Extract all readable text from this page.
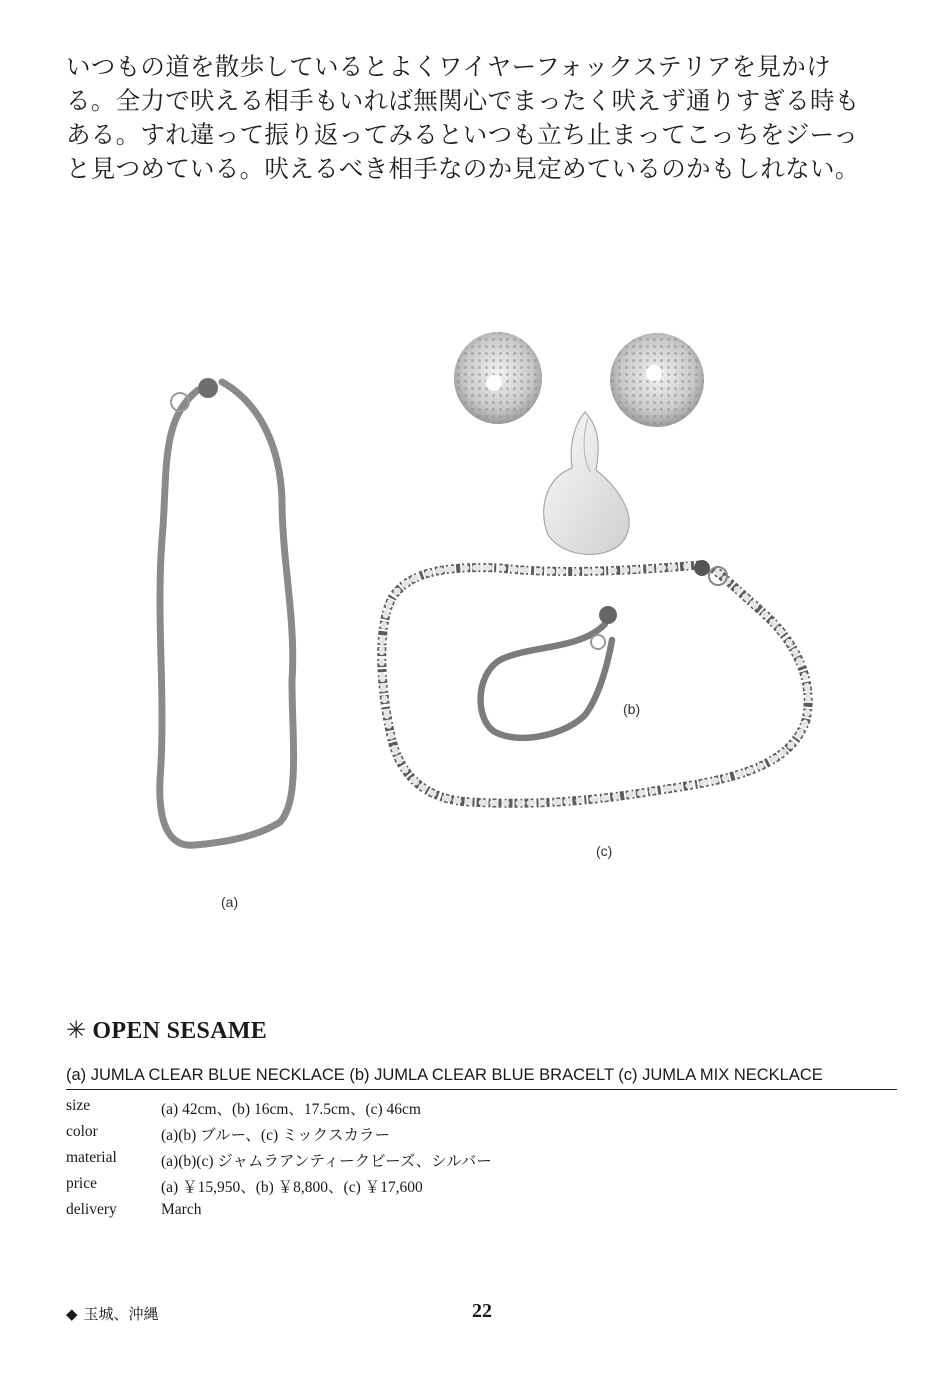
いつもの道を散歩しているとよくワイヤーフォックステリアを見かけ
る。全力で吠える相手もいれば無関心でまったく吠えず通りすぎる時も
ある。すれ違って振り返ってみるといつも立ち止まってこっちをジーっ
と見つめている。吠えるべき相手なのか見定めているのかもしれない。
(a)
(b)
(c)
✳ OPEN SESAME
(a) JUMLA CLEAR BLUE NECKLACE (b) JUMLA CLEAR BLUE BRACELT (c) JUMLA MIX NECKLACE
size	(a) 42cm、(b) 16cm、17.5cm、(c) 46cm
color	(a)(b) ブルー、(c) ミックスカラー
material	(a)(b)(c) ジャムラアンティークビーズ、シルバー
price	(a) ￥15,950、(b) ￥8,800、(c) ￥17,600
delivery	March
◆ 玉城、沖縄	22
